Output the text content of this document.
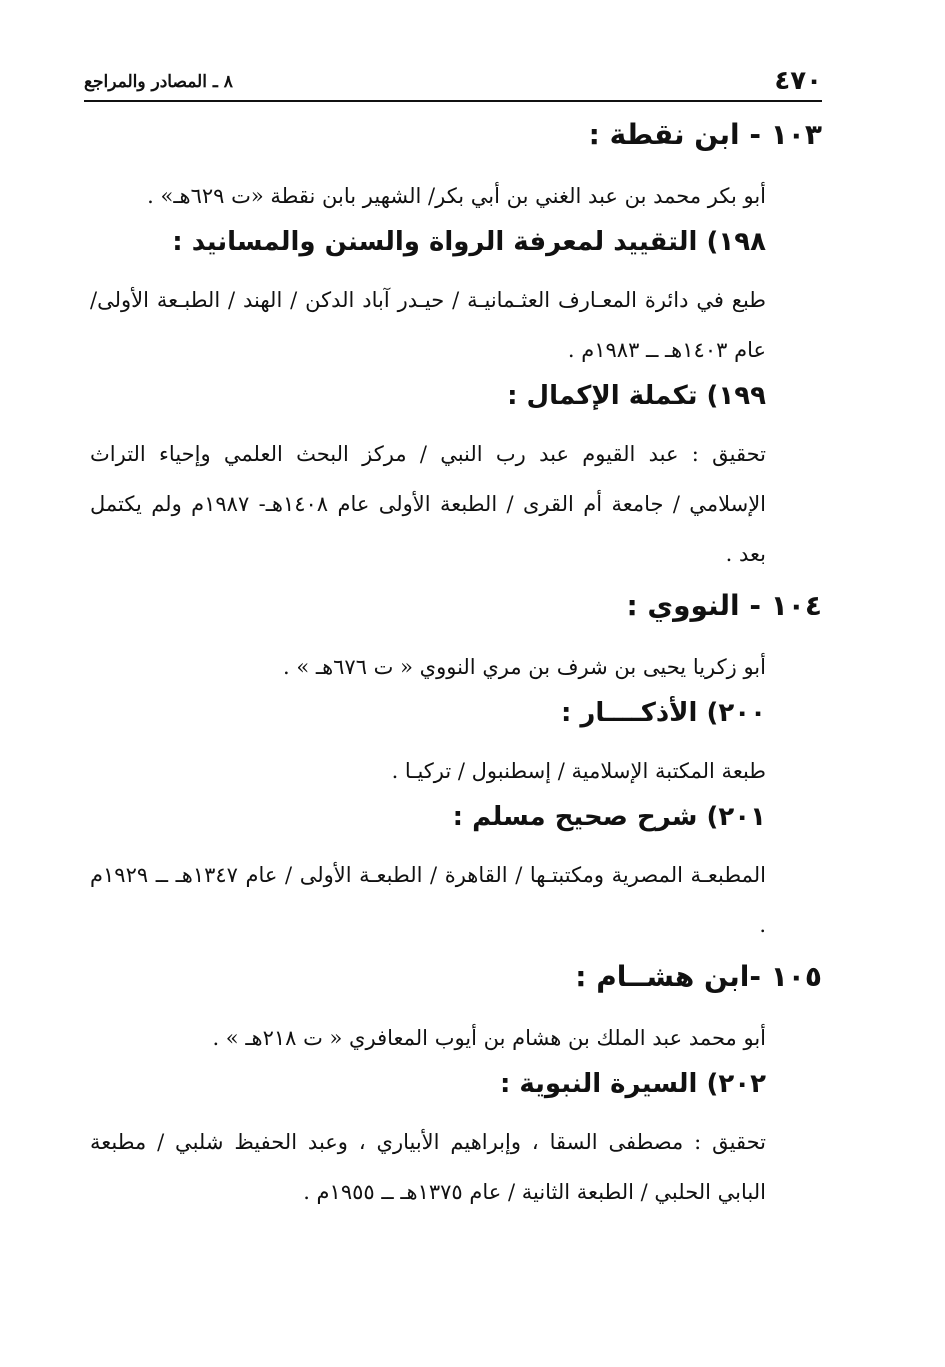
٤٧٠
٨ ـ المصادر والمراجع
١٠٣ - ابن نقطة :
أبو بكر محمد بن عبد الغني بن أبي بكر/ الشهير بابن نقطة «ت ٦٢٩هـ» .
١٩٨) التقييد لمعرفة الرواة والسنن والمسانيد :
طبع في دائرة المعـارف العثـمانيـة / حيـدر آباد الدكن / الهند / الطبـعة الأولى/ عام ١٤٠٣هـ ــ ١٩٨٣م .
١٩٩) تكملة الإكمال :
تحقيق : عبد القيوم عبد رب النبي / مركز البحث العلمي وإحياء التراث الإسلامي / جامعة أم القرى / الطبعة الأولى عام ١٤٠٨هـ- ١٩٨٧م ولم يكتمل بعد .
١٠٤ - النووي :
أبو زكريا يحيى بن شرف بن مري النووي « ت ٦٧٦هـ » .
٢٠٠) الأذكــــار :
طبعة المكتبة الإسلامية / إسطنبول / تركيـا .
٢٠١) شرح صحيح مسلم :
المطبعـة المصرية ومكتبتـها / القاهرة / الطبعـة الأولى / عام ١٣٤٧هـ ــ ١٩٢٩م .
١٠٥ -ابن هشــام :
أبو محمد عبد الملك بن هشام بن أيوب المعافري « ت ٢١٨هـ » .
٢٠٢) السيرة النبوية :
تحقيق : مصطفى السقا ، وإبراهيم الأبياري ، وعبد الحفيظ شلبي / مطبعة البابي الحلبي / الطبعة الثانية / عام ١٣٧٥هـ ــ ١٩٥٥م .
